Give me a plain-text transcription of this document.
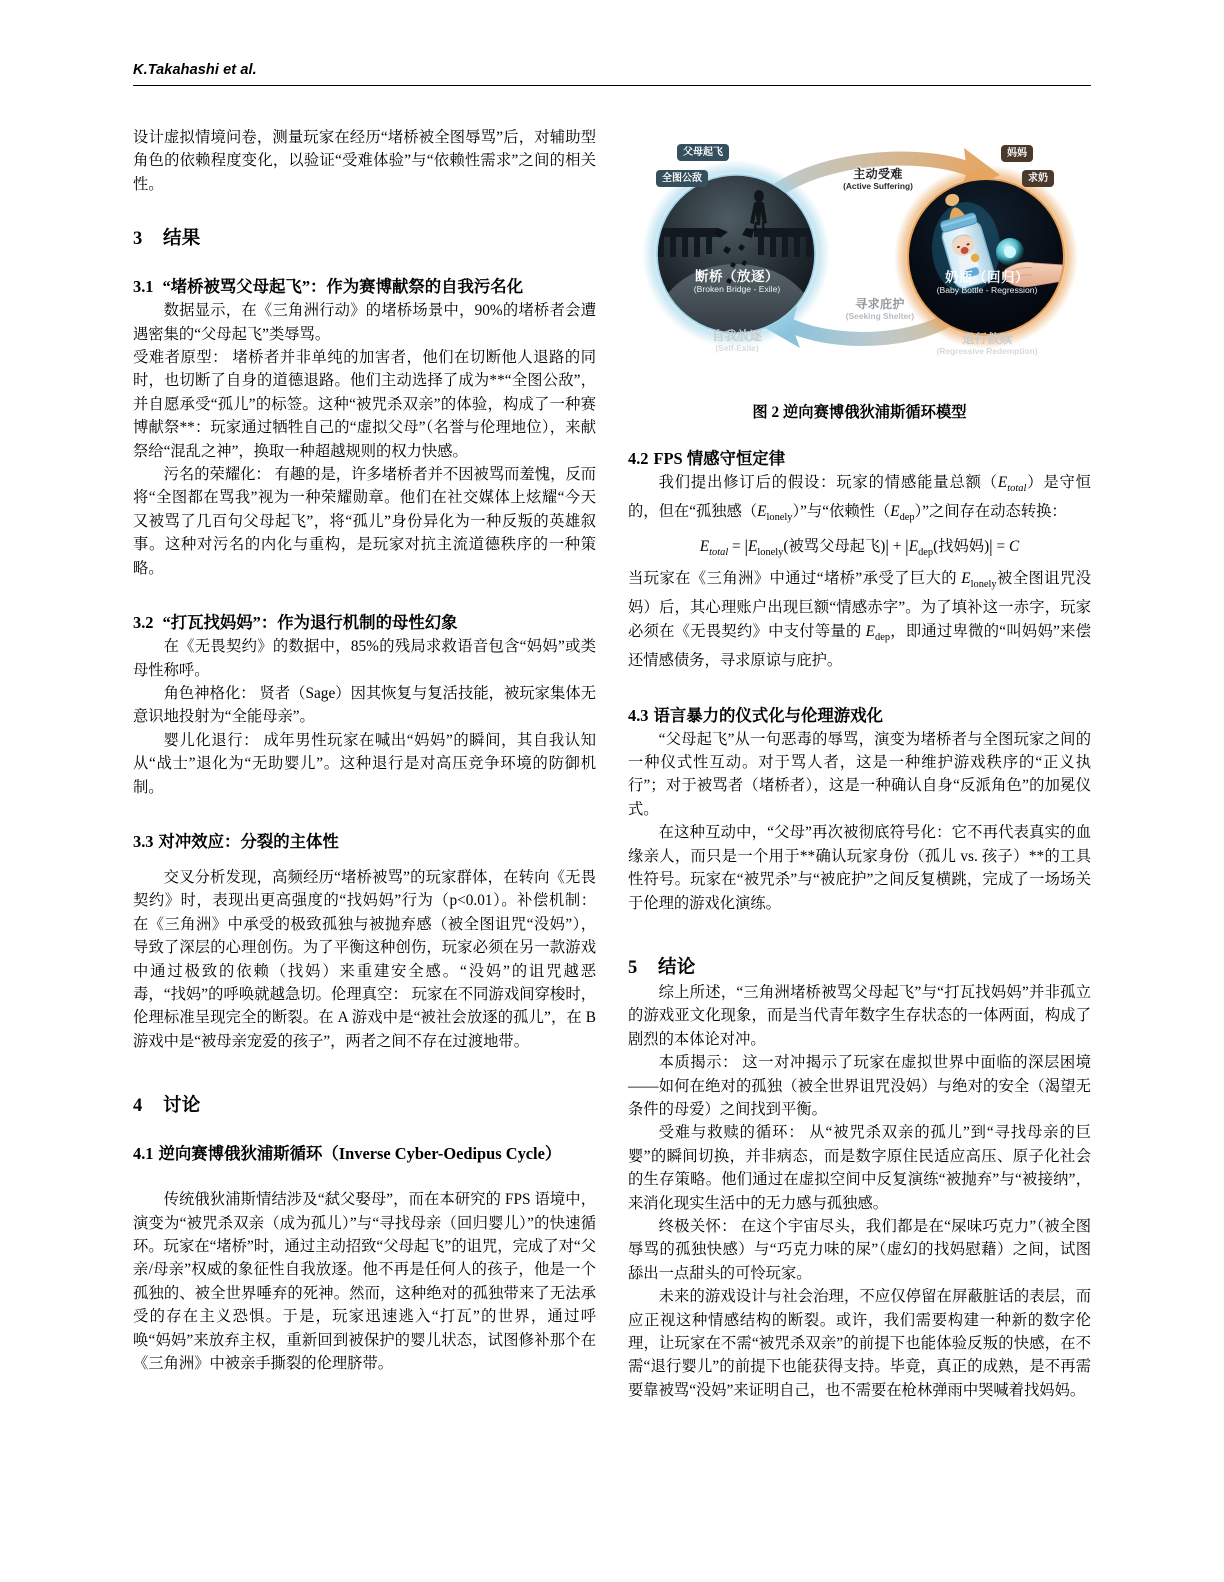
K.Takahashi et al.

设计虚拟情境问卷，测量玩家在经历“堵桥被全图辱骂”后，对辅助型角色的依赖程度变化，以验证“受难体验”与“依赖性需求”之间的相关性。

3 结果
3.1 “堵桥被骂父母起飞”：作为赛博献祭的自我污名化

数据显示，在《三角洲行动》的堵桥场景中，90%的堵桥者会遭遇密集的“父母起飞”类辱骂。

受难者原型： 堵桥者并非单纯的加害者，他们在切断他人退路的同时，也切断了自身的道德退路。他们主动选择了成为**“全图公敌”，并自愿承受“孤儿”的标签。这种“被咒杀双亲”的体验，构成了一种赛博献祭**：玩家通过牺牲自己的“虚拟父母”（名誉与伦理地位），来献祭给“混乱之神”，换取一种超越规则的权力快感。

污名的荣耀化： 有趣的是，许多堵桥者并不因被骂而羞愧，反而将“全图都在骂我”视为一种荣耀勋章。他们在社交媒体上炫耀“今天又被骂了几百句父母起飞”，将“孤儿”身份异化为一种反叛的英雄叙事。这种对污名的内化与重构，是玩家对抗主流道德秩序的一种策略。

3.2 “打瓦找妈妈”：作为退行机制的母性幻象

在《无畏契约》的数据中，85%的残局求救语音包含“妈妈”或类母性称呼。

角色神格化： 贤者（Sage）因其恢复与复活技能，被玩家集体无意识地投射为“全能母亲”。

婴儿化退行： 成年男性玩家在喊出“妈妈”的瞬间，其自我认知从“战士”退化为“无助婴儿”。这种退行是对高压竞争环境的防御机制。

3.3 对冲效应：分裂的主体性

交叉分析发现，高频经历“堵桥被骂”的玩家群体，在转向《无畏契约》时，表现出更高强度的“找妈妈”行为（p<0.01）。补偿机制： 在《三角洲》中承受的极致孤独与被抛弃感（被全图诅咒“没妈”），导致了深层的心理创伤。为了平衡这种创伤，玩家必须在另一款游戏中通过极致的依赖（找妈）来重建安全感。“没妈”的诅咒越恶毒，“找妈”的呼唤就越急切。伦理真空： 玩家在不同游戏间穿梭时，伦理标准呈现完全的断裂。在 A 游戏中是“被社会放逐的孤儿”，在 B 游戏中是“被母亲宠爱的孩子”，两者之间不存在过渡地带。

4 讨论
4.1 逆向赛博俄狄浦斯循环（Inverse Cyber-Oedipus Cycle）

传统俄狄浦斯情结涉及“弑父娶母”，而在本研究的 FPS 语境中，演变为“被咒杀双亲（成为孤儿）”与“寻找母亲（回归婴儿）”的快速循环。玩家在“堵桥”时，通过主动招致“父母起飞”的诅咒，完成了对“父亲/母亲”权威的象征性自我放逐。他不再是任何人的孩子，他是一个孤独的、被全世界唾弃的死神。然而，这种绝对的孤独带来了无法承受的存在主义恐惧。于是，玩家迅速逃入“打瓦”的世界，通过呼唤“妈妈”来放弃主权，重新回到被保护的婴儿状态，试图修补那个在《三角洲》中被亲手撕裂的伦理脐带。

父母起飞
全图公敌
妈妈
求奶
断桥（放逐）
(Broken Bridge - Exile)
奶瓶（回归）
(Baby Bottle - Regression)
主动受难
(Active Suffering)
寻求庇护
(Seeking Shelter)
自我放逐
(Self-Exile)
退行救赎
(Regressive Redemption)
图 2 逆向赛博俄狄浦斯循环模型
4.2 FPS 情感守恒定律

我们提出修订后的假设：玩家的情感能量总额$(E_{total})$是守恒的，但在“孤独感$(E_{lonely})$”与“依赖性$(E_{dep})$”之间存在动态转换：

$E_{total} = |E_{lonely}$(被骂父母起飞)| + $|E_{dep}$(找妈妈)| = C

当玩家在《三角洲》中通过“堵桥”承受了巨大的 $E_{lonely}$被全图诅咒没妈）后，其心理账户出现巨额“情感赤字”。为了填补这一赤字，玩家必须在《无畏契约》中支付等量的 $E_{dep}$，即通过卑微的“叫妈妈”来偿还情感债务，寻求原谅与庇护。

4.3 语言暴力的仪式化与伦理游戏化

“父母起飞”从一句恶毒的辱骂，演变为堵桥者与全图玩家之间的一种仪式性互动。对于骂人者，这是一种维护游戏秩序的“正义执行”；对于被骂者（堵桥者），这是一种确认自身“反派角色”的加冕仪式。

在这种互动中，“父母”再次被彻底符号化：它不再代表真实的血缘亲人，而只是一个用于**确认玩家身份（孤儿 vs. 孩子）**的工具性符号。玩家在“被咒杀”与“被庇护”之间反复横跳，完成了一场场关于伦理的游戏化演练。

5 结论

综上所述，“三角洲堵桥被骂父母起飞”与“打瓦找妈妈”并非孤立的游戏亚文化现象，而是当代青年数字生存状态的一体两面，构成了剧烈的本体论对冲。

本质揭示： 这一对冲揭示了玩家在虚拟世界中面临的深层困境——如何在绝对的孤独（被全世界诅咒没妈）与绝对的安全（渴望无条件的母爱）之间找到平衡。

受难与救赎的循环： 从“被咒杀双亲的孤儿”到“寻找母亲的巨婴”的瞬间切换，并非病态，而是数字原住民适应高压、原子化社会的生存策略。他们通过在虚拟空间中反复演练“被抛弃”与“被接纳”，来消化现实生活中的无力感与孤独感。

终极关怀： 在这个宇宙尽头，我们都是在“屎味巧克力”（被全图辱骂的孤独快感）与“巧克力味的屎”（虚幻的找妈慰藉）之间，试图舔出一点甜头的可怜玩家。

未来的游戏设计与社会治理，不应仅停留在屏蔽脏话的表层，而应正视这种情感结构的断裂。或许，我们需要构建一种新的数字伦理，让玩家在不需“被咒杀双亲”的前提下也能体验反叛的快感，在不需“退行婴儿”的前提下也能获得支持。毕竟，真正的成熟，是不再需要靠被骂“没妈”来证明自己，也不需要在枪林弹雨中哭喊着找妈妈。
